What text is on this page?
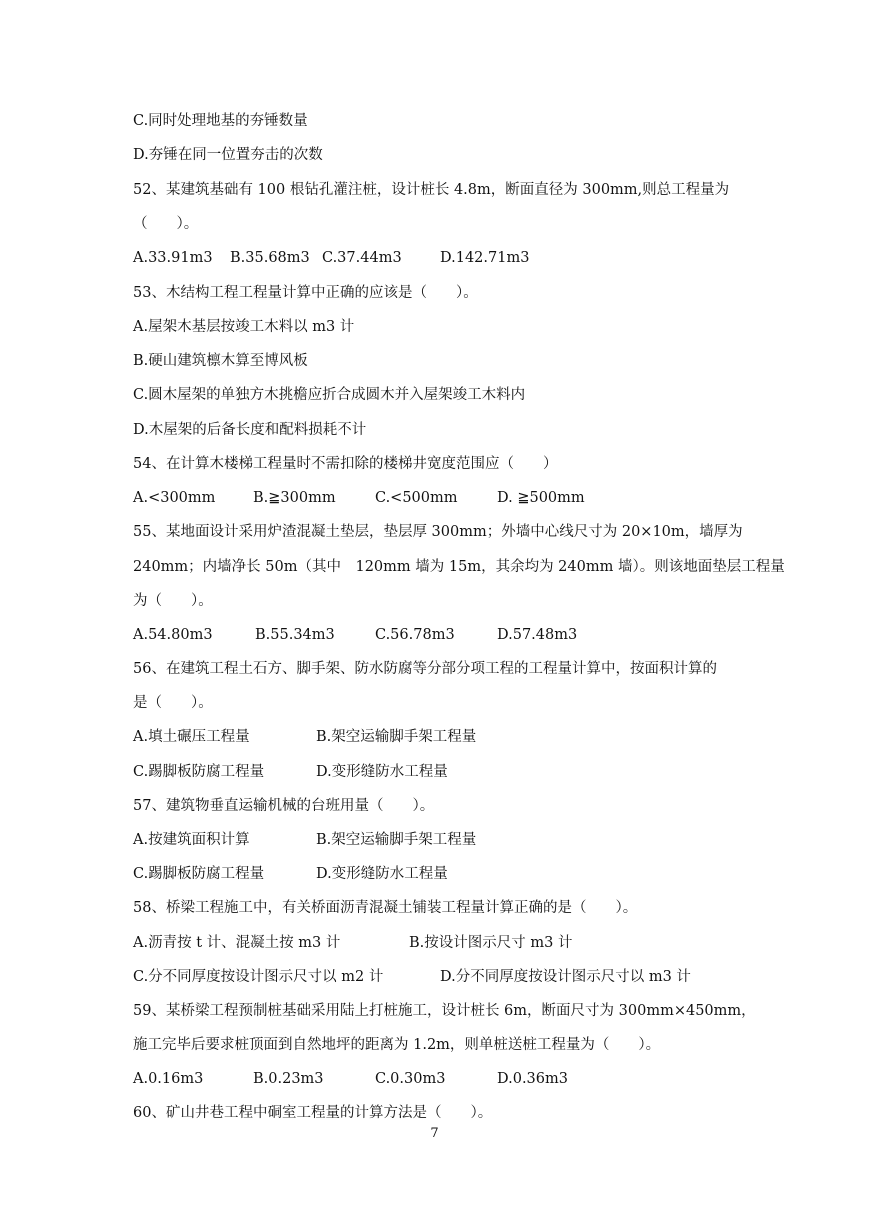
C.同时处理地基的夯锤数量
D.夯锤在同一位置夯击的次数
52、某建筑基础有 100 根钻孔灌注桩，设计桩长 4.8m，断面直径为 300mm,则总工程量为
（　　）。
A.33.91m3 B.35.68m3 C.37.44m3	D.142.71m3
53、木结构工程工程量计算中正确的应该是（　　）。
A.屋架木基层按竣工木料以 m3 计
B.硬山建筑檩木算至博风板
C.圆木屋架的单独方木挑檐应折合成圆木并入屋架竣工木料内
D.木屋架的后备长度和配料损耗不计
54、在计算木楼梯工程量时不需扣除的楼梯井宽度范围应（　　）
A.<300mm	B.≧300mm	C.<500mm	D. ≧500mm
55、某地面设计采用炉渣混凝土垫层，垫层厚 300mm；外墙中心线尺寸为 20×10m，墙厚为
240mm；内墙净长 50m（其中　120mm 墙为 15m，其余均为 240mm 墙）。则该地面垫层工程量
为（　　）。
A.54.80m3	B.55.34m3	C.56.78m3	D.57.48m3
56、在建筑工程土石方、脚手架、防水防腐等分部分项工程的工程量计算中，按面积计算的
是（　　）。
A.填土碾压工程量	B.架空运输脚手架工程量
C.踢脚板防腐工程量	D.变形缝防水工程量
57、建筑物垂直运输机械的台班用量（　　）。
A.按建筑面积计算	B.架空运输脚手架工程量
C.踢脚板防腐工程量	D.变形缝防水工程量
58、桥梁工程施工中，有关桥面沥青混凝土铺装工程量计算正确的是（　　）。
A.沥青按 t 计、混凝土按 m3 计	B.按设计图示尺寸 m3 计
C.分不同厚度按设计图示尺寸以 m2 计	D.分不同厚度按设计图示尺寸以 m3 计
59、某桥梁工程预制桩基础采用陆上打桩施工，设计桩长 6m，断面尺寸为 300mm×450mm，
施工完毕后要求桩顶面到自然地坪的距离为 1.2m，则单桩送桩工程量为（　　）。
A.0.16m3	B.0.23m3	C.0.30m3	D.0.36m3
60、矿山井巷工程中硐室工程量的计算方法是（　　）。
7
